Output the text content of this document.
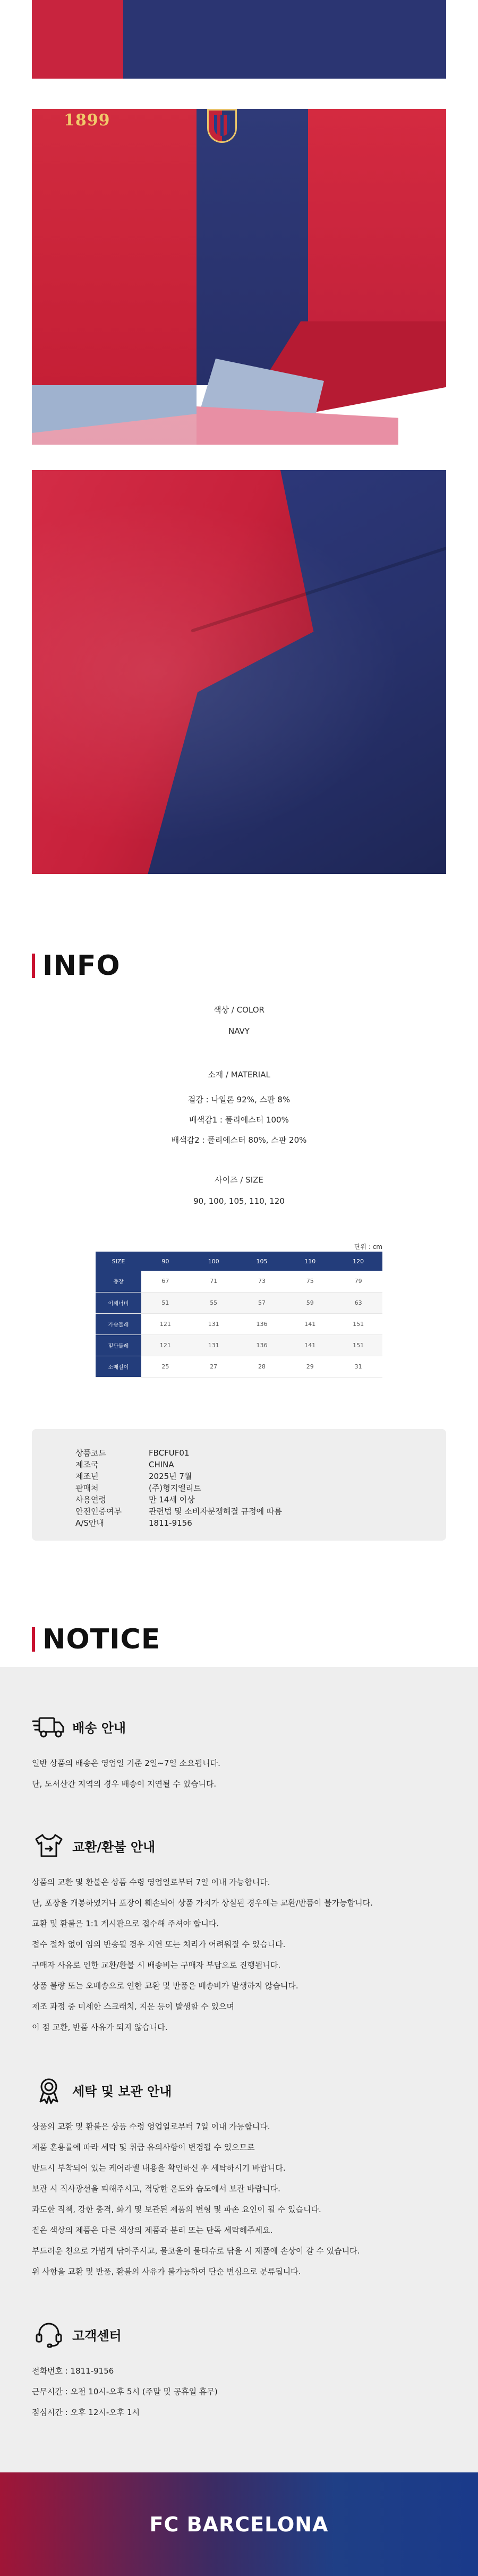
1899
INFO
색상 / COLOR
NAVY
소재 / MATERIAL
겉감 : 나일론 92%, 스판 8%
배색감1 : 폴리에스터 100%
배색감2 : 폴리에스터 80%, 스판 20%
사이즈 / SIZE
90, 100, 105, 110, 120
단위 : cm
SIZE	90	100	105	110	120
총장	67	71	73	75	79
어깨너비	51	55	57	59	63
가슴둘레	121	131	136	141	151
밑단둘레	121	131	136	141	151
소매길이	25	27	28	29	31
상품코드	FBCFUF01
제조국	CHINA
제조년	2025년 7월
판매처	(주)형지엘리트
사용연령	만 14세 이상
안전인증여부	관련법 및 소비자분쟁해결 규정에 따름
A/S안내	1811-9156
NOTICE
배송 안내

일반 상품의 배송은 영업일 기준 2일~7일 소요됩니다.

단, 도서산간 지역의 경우 배송이 지연될 수 있습니다.

교환/환불 안내

상품의 교환 및 환불은 상품 수령 영업일로부터 7일 이내 가능합니다.

단, 포장을 개봉하였거나 포장이 훼손되어 상품 가치가 상실된 경우에는 교환/반품이 불가능합니다.

교환 및 환불은 1:1 게시판으로 접수해 주셔야 합니다.

접수 절차 없이 임의 반송될 경우 지연 또는 처리가 어려워질 수 있습니다.

구매자 사유로 인한 교환/환불 시 배송비는 구매자 부담으로 진행됩니다.

상품 불량 또는 오배송으로 인한 교환 및 반품은 배송비가 발생하지 않습니다.

제조 과정 중 미세한 스크래치, 지운 등이 발생할 수 있으며

이 점 교환, 반품 사유가 되지 않습니다.

세탁 및 보관 안내

상품의 교환 및 환불은 상품 수령 영업일로부터 7일 이내 가능합니다.

제품 혼용률에 따라 세탁 및 취급 유의사항이 변경될 수 있으므로

반드시 부착되어 있는 케어라벨 내용을 확인하신 후 세탁하시기 바랍니다.

보관 시 직사광선을 피해주시고, 적당한 온도와 습도에서 보관 바랍니다.

과도한 직책, 강한 충격, 화기 및 보관된 제품의 변형 및 파손 요인이 될 수 있습니다.

짙은 색상의 제품은 다른 색상의 제품과 분리 또는 단독 세탁해주세요.

부드러운 천으로 가볍게 닦아주시고, 물코올이 물티슈로 닦을 시 제품에 손상이 갈 수 있습니다.

위 사항을 교환 및 반품, 환불의 사유가 불가능하여 단순 변심으로 분류됩니다.

고객센터

전화번호 : 1811-9156

근무시간 : 오전 10시-오후 5시 (주말 및 공휴일 휴무)

점심시간 : 오후 12시-오후 1시

FC BARCELONA
